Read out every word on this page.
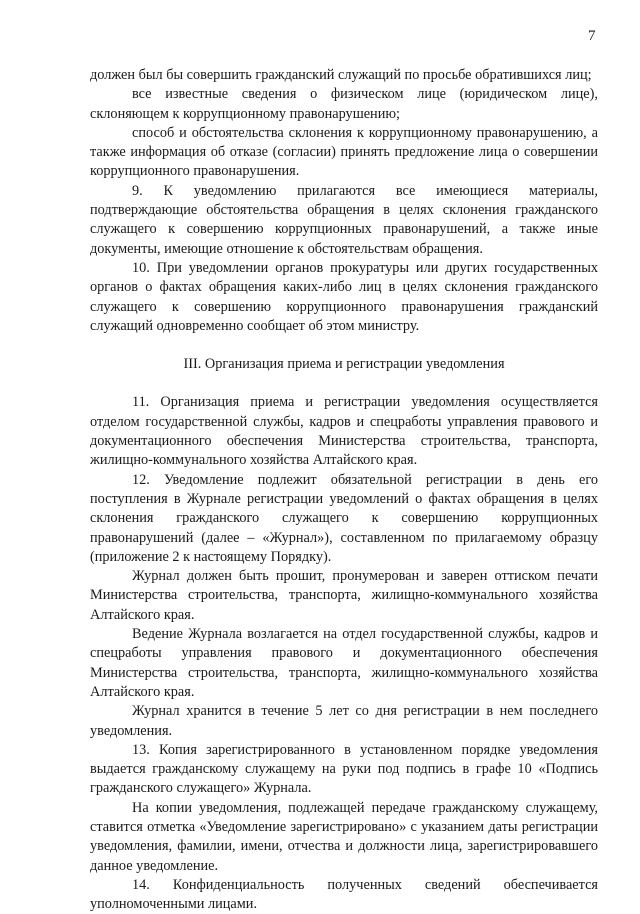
7

должен был бы совершить гражданский служащий по просьбе обратившихся лиц;

все известные сведения о физическом лице (юридическом лице), склоняющем к коррупционному правонарушению;

способ и обстоятельства склонения к коррупционному правонарушению, а также информация об отказе (согласии) принять предложение лица о совершении коррупционного правонарушения.

9. К уведомлению прилагаются все имеющиеся материалы, подтверждающие обстоятельства обращения в целях склонения гражданского служащего к совершению коррупционных правонарушений, а также иные документы, имеющие отношение к обстоятельствам обращения.

10. При уведомлении органов прокуратуры или других государственных органов о фактах обращения каких-либо лиц в целях склонения гражданского служащего к совершению коррупционного правонарушения гражданский служащий одновременно сообщает об этом министру.

III. Организация приема и регистрации уведомления

11. Организация приема и регистрации уведомления осуществляется отделом государственной службы, кадров и спецработы управления правового и документационного обеспечения Министерства строительства, транспорта, жилищно-коммунального хозяйства Алтайского края.

12. Уведомление подлежит обязательной регистрации в день его поступления в Журнале регистрации уведомлений о фактах обращения в целях склонения гражданского служащего к совершению коррупционных правонарушений (далее – «Журнал»), составленном по прилагаемому образцу (приложение 2 к настоящему Порядку).

Журнал должен быть прошит, пронумерован и заверен оттиском печати Министерства строительства, транспорта, жилищно-коммунального хозяйства Алтайского края.

Ведение Журнала возлагается на отдел государственной службы, кадров и спецработы управления правового и документационного обеспечения Министерства строительства, транспорта, жилищно-коммунального хозяйства Алтайского края.

Журнал хранится в течение 5 лет со дня регистрации в нем последнего уведомления.

13. Копия зарегистрированного в установленном порядке уведомления выдается гражданскому служащему на руки под подпись в графе 10 «Подпись гражданского служащего» Журнала.

На копии уведомления, подлежащей передаче гражданскому служащему, ставится отметка «Уведомление зарегистрировано» с указанием даты регистрации уведомления, фамилии, имени, отчества и должности лица, зарегистрировавшего данное уведомление.

14. Конфиденциальность полученных сведений обеспечивается уполномоченными лицами.
